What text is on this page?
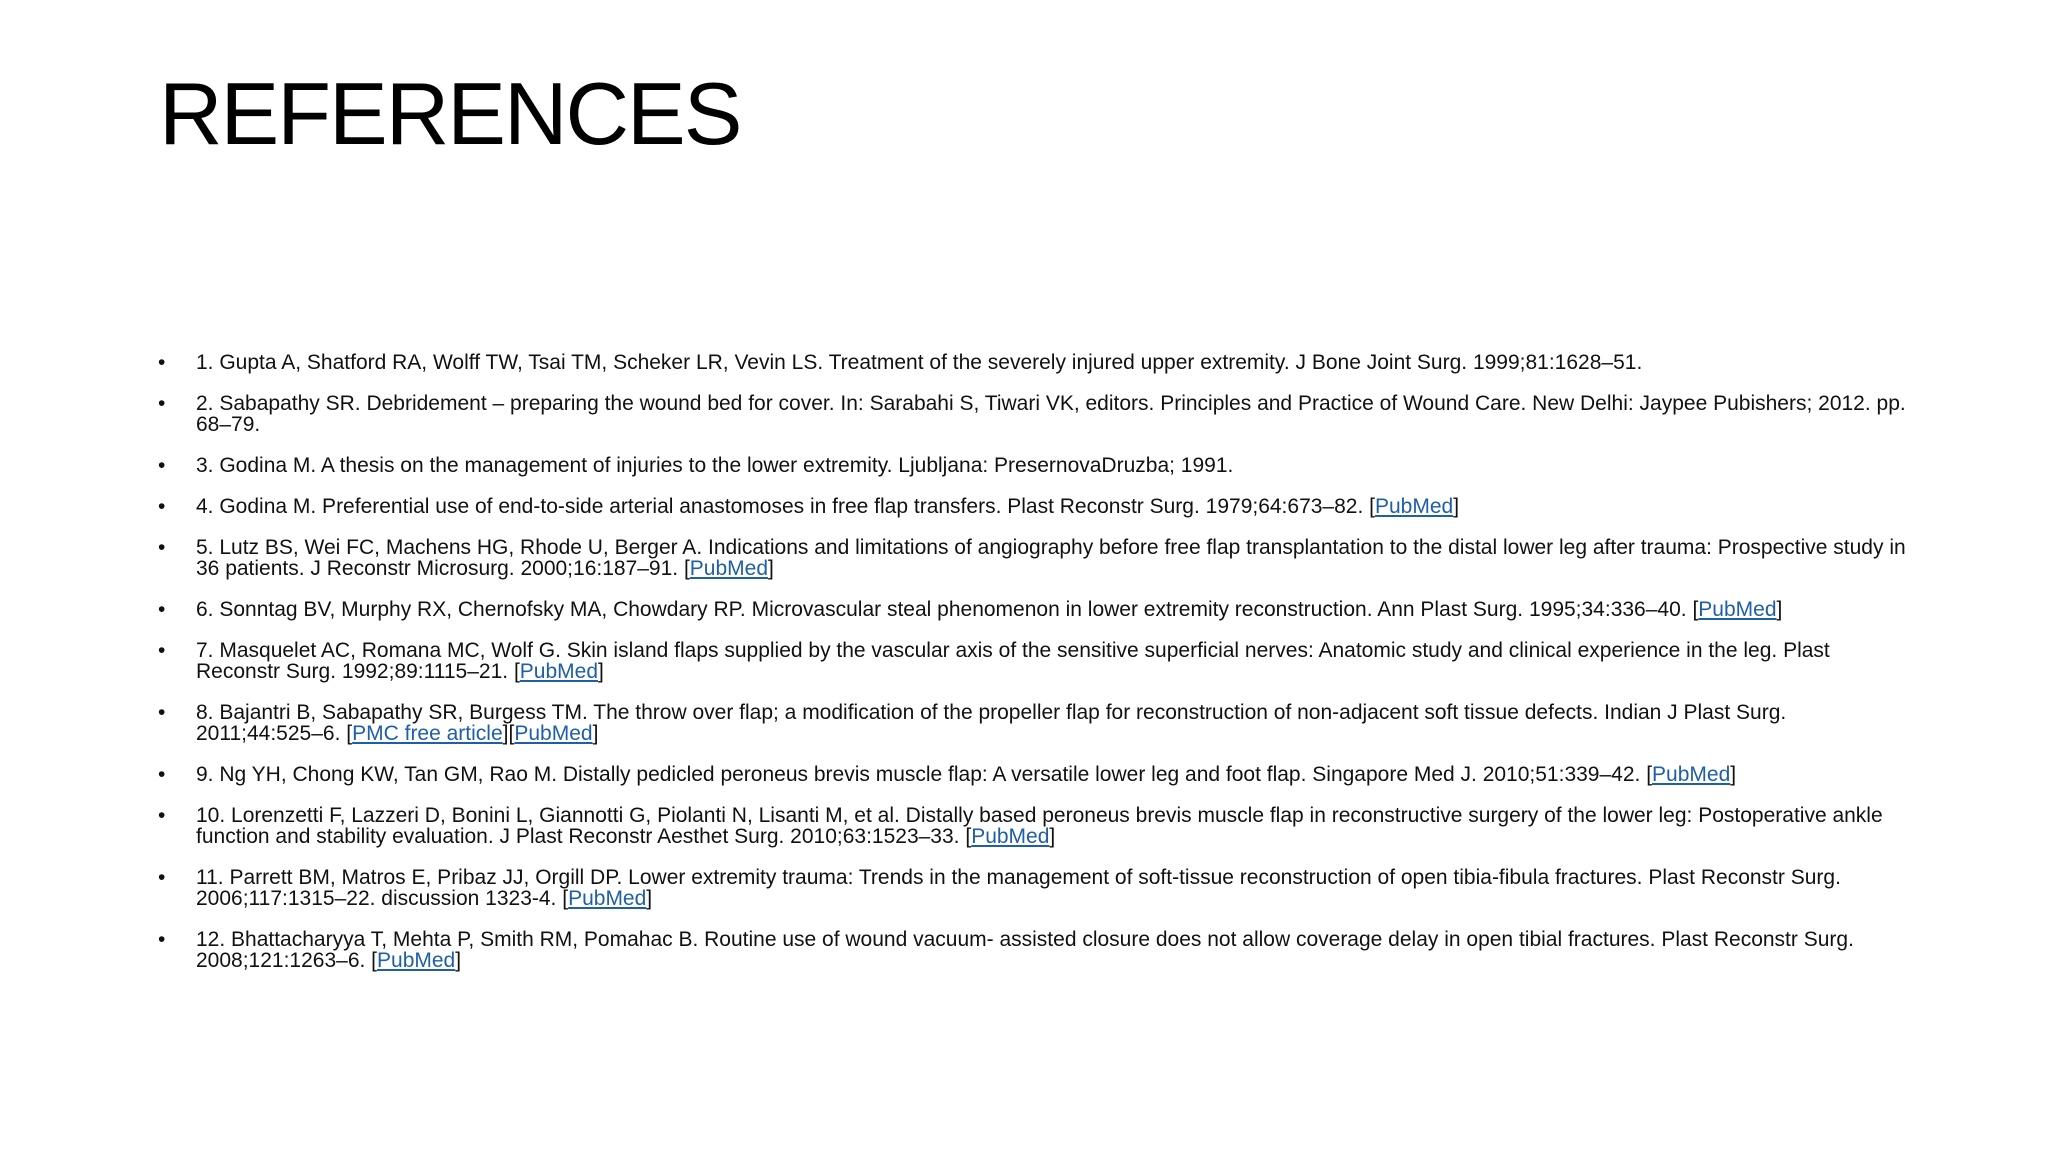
REFERENCES
•	1. Gupta A, Shatford RA, Wolff TW, Tsai TM, Scheker LR, Vevin LS. Treatment of the severely injured upper extremity. J Bone Joint Surg. 1999;81:1628–51.
•	2. Sabapathy SR. Debridement – preparing the wound bed for cover. In: Sarabahi S, Tiwari VK, editors. Principles and Practice of Wound Care. New Delhi: Jaypee Pubishers; 2012. pp. 68–79.
•	3. Godina M. A thesis on the management of injuries to the lower extremity. Ljubljana: PresernovaDruzba; 1991.
•	4. Godina M. Preferential use of end-to-side arterial anastomoses in free flap transfers. Plast Reconstr Surg. 1979;64:673–82. [PubMed]
•	5. Lutz BS, Wei FC, Machens HG, Rhode U, Berger A. Indications and limitations of angiography before free flap transplantation to the distal lower leg after trauma: Prospective study in 36 patients. J Reconstr Microsurg. 2000;16:187–91. [PubMed]
•	6. Sonntag BV, Murphy RX, Chernofsky MA, Chowdary RP. Microvascular steal phenomenon in lower extremity reconstruction. Ann Plast Surg. 1995;34:336–40. [PubMed]
•	7. Masquelet AC, Romana MC, Wolf G. Skin island flaps supplied by the vascular axis of the sensitive superficial nerves: Anatomic study and clinical experience in the leg. Plast Reconstr Surg. 1992;89:1115–21. [PubMed]
•	8. Bajantri B, Sabapathy SR, Burgess TM. The throw over flap; a modification of the propeller flap for reconstruction of non-adjacent soft tissue defects. Indian J Plast Surg. 2011;44:525–6. [PMC free article][PubMed]
•	9. Ng YH, Chong KW, Tan GM, Rao M. Distally pedicled peroneus brevis muscle flap: A versatile lower leg and foot flap. Singapore Med J. 2010;51:339–42. [PubMed]
•	10. Lorenzetti F, Lazzeri D, Bonini L, Giannotti G, Piolanti N, Lisanti M, et al. Distally based peroneus brevis muscle flap in reconstructive surgery of the lower leg: Postoperative ankle function and stability evaluation. J Plast Reconstr Aesthet Surg. 2010;63:1523–33. [PubMed]
•	11. Parrett BM, Matros E, Pribaz JJ, Orgill DP. Lower extremity trauma: Trends in the management of soft-tissue reconstruction of open tibia-fibula fractures. Plast Reconstr Surg. 2006;117:1315–22. discussion 1323-4. [PubMed]
•	12. Bhattacharyya T, Mehta P, Smith RM, Pomahac B. Routine use of wound vacuum- assisted closure does not allow coverage delay in open tibial fractures. Plast Reconstr Surg. 2008;121:1263–6. [PubMed]
